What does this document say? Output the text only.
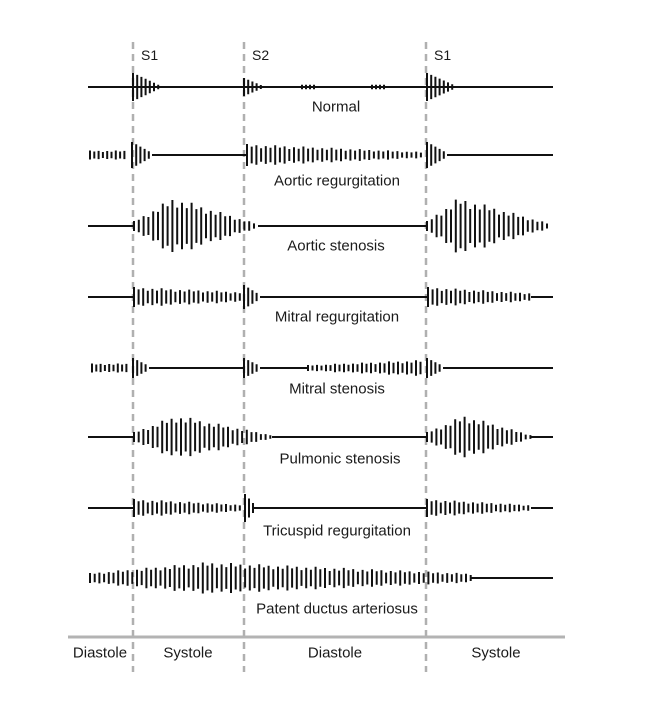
S1	S2	S1
Diastole Systole	Diastole	Systole
Normal
Aortic regurgitation
Aortic stenosis
Mitral regurgitation
Mitral stenosis
Pulmonic stenosis
Tricuspid regurgitation
Patent ductus arteriosus
